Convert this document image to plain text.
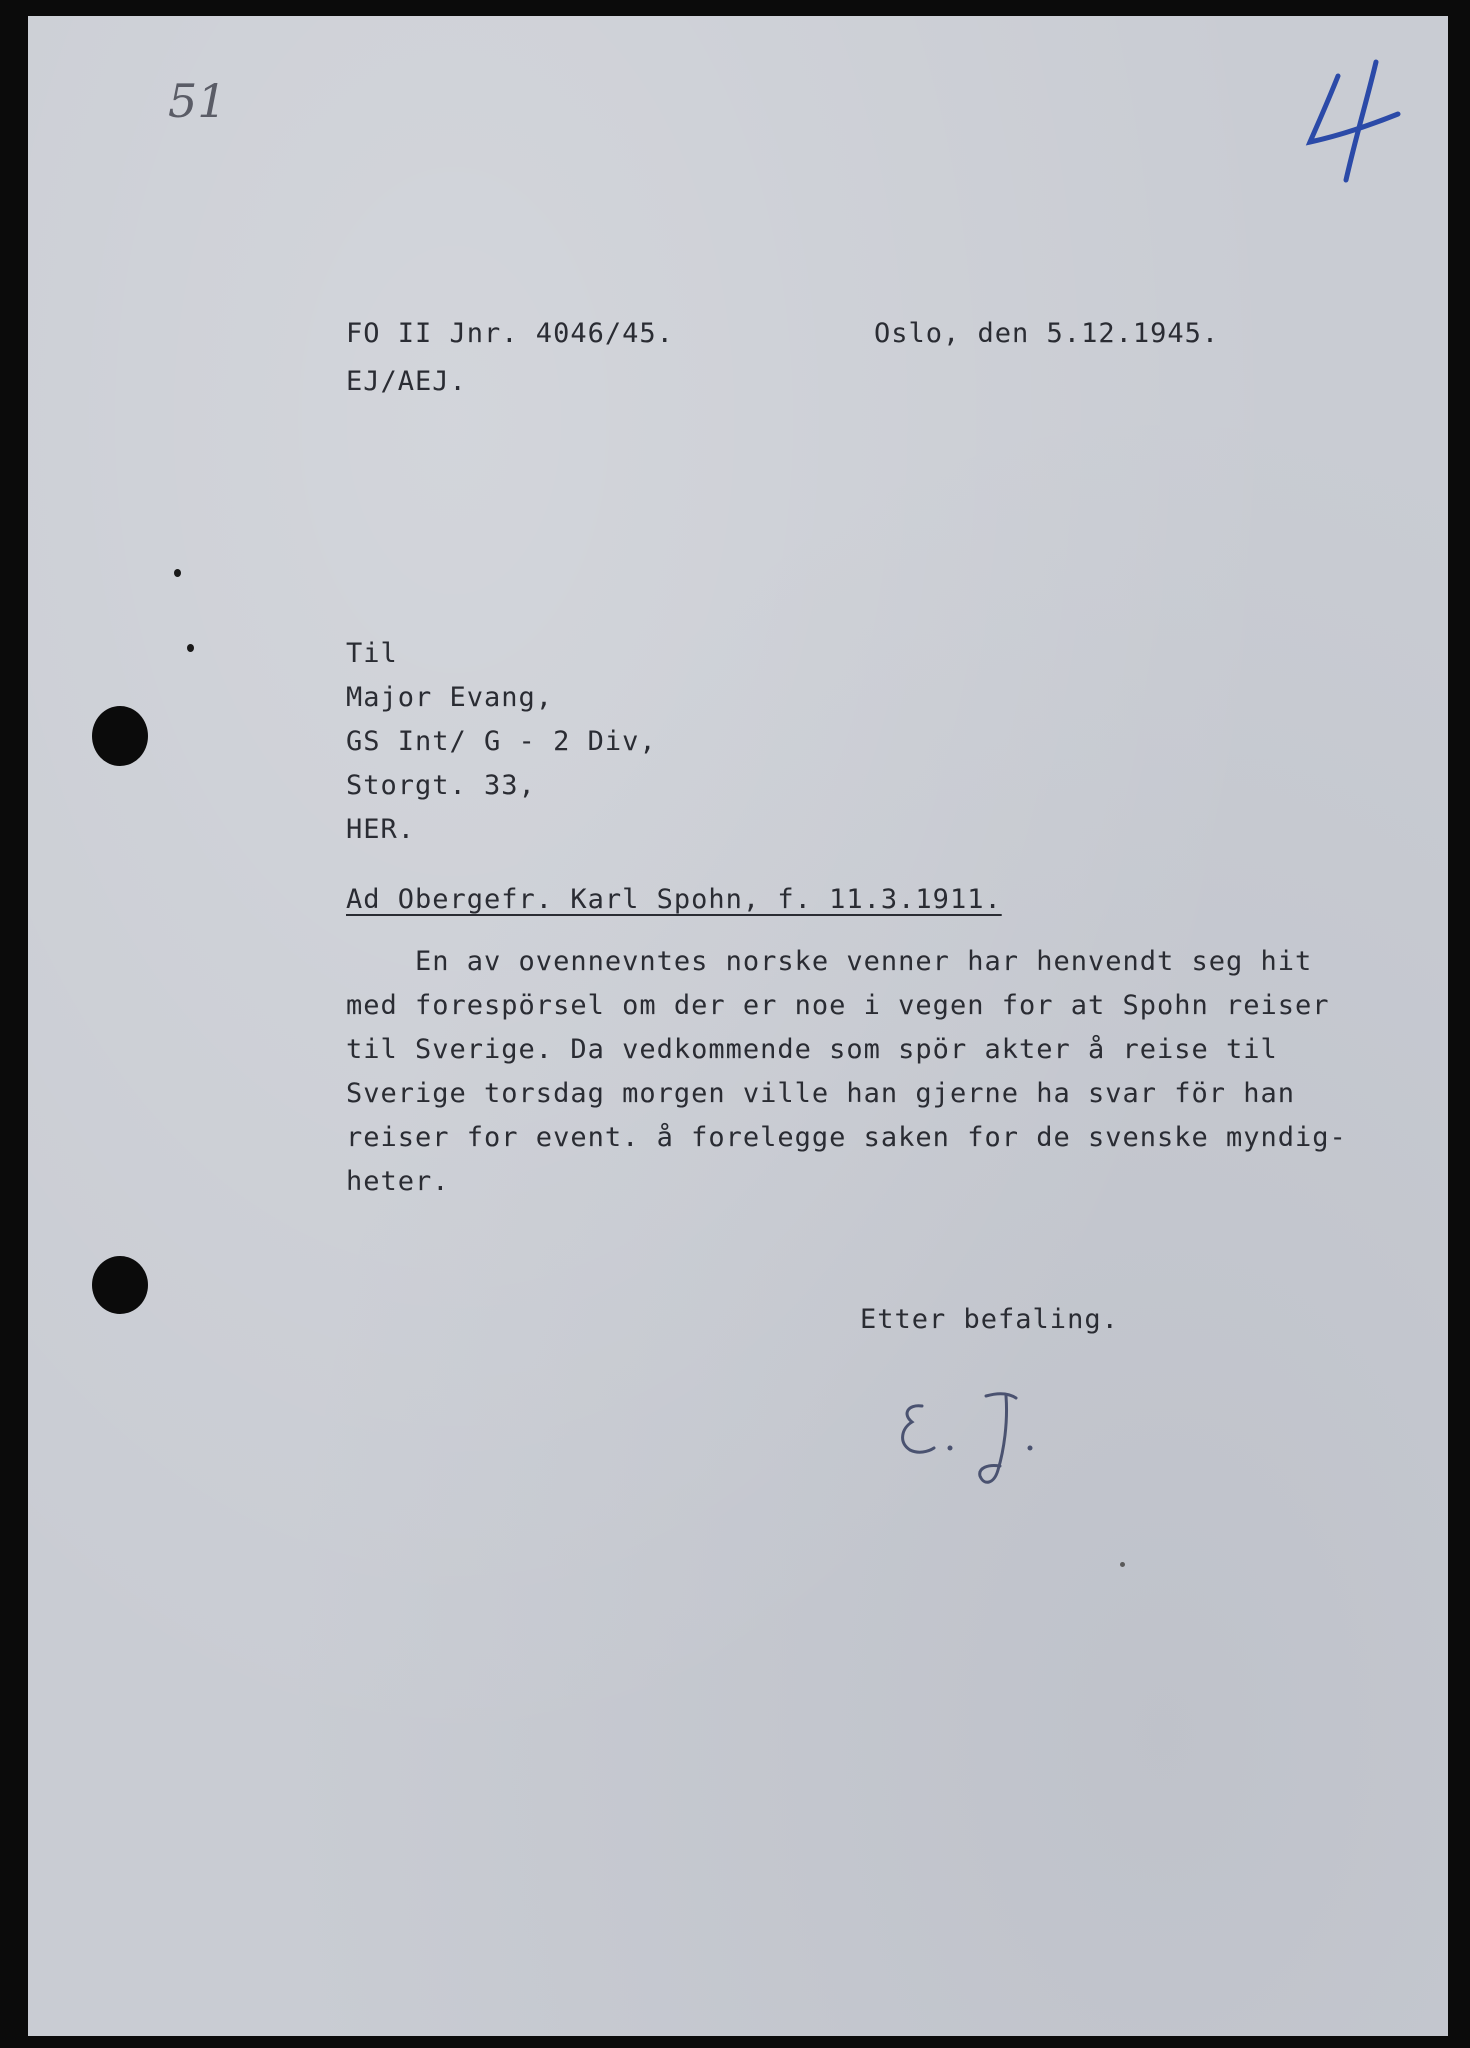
51
FO II Jnr. 4046/45.
EJ/AEJ.
Oslo, den 5.12.1945.
Til
Major Evang,
GS Int/ G - 2 Div,
Storgt. 33,
HER.
Ad Obergefr. Karl Spohn, f. 11.3.1911.
En av ovennevntes norske venner har henvendt seg hit
med forespörsel om der er noe i vegen for at Spohn reiser
til Sverige. Da vedkommende som spör akter å reise til
Sverige torsdag morgen ville han gjerne ha svar för han
reiser for event. å forelegge saken for de svenske myndig-
heter.
Etter befaling.
